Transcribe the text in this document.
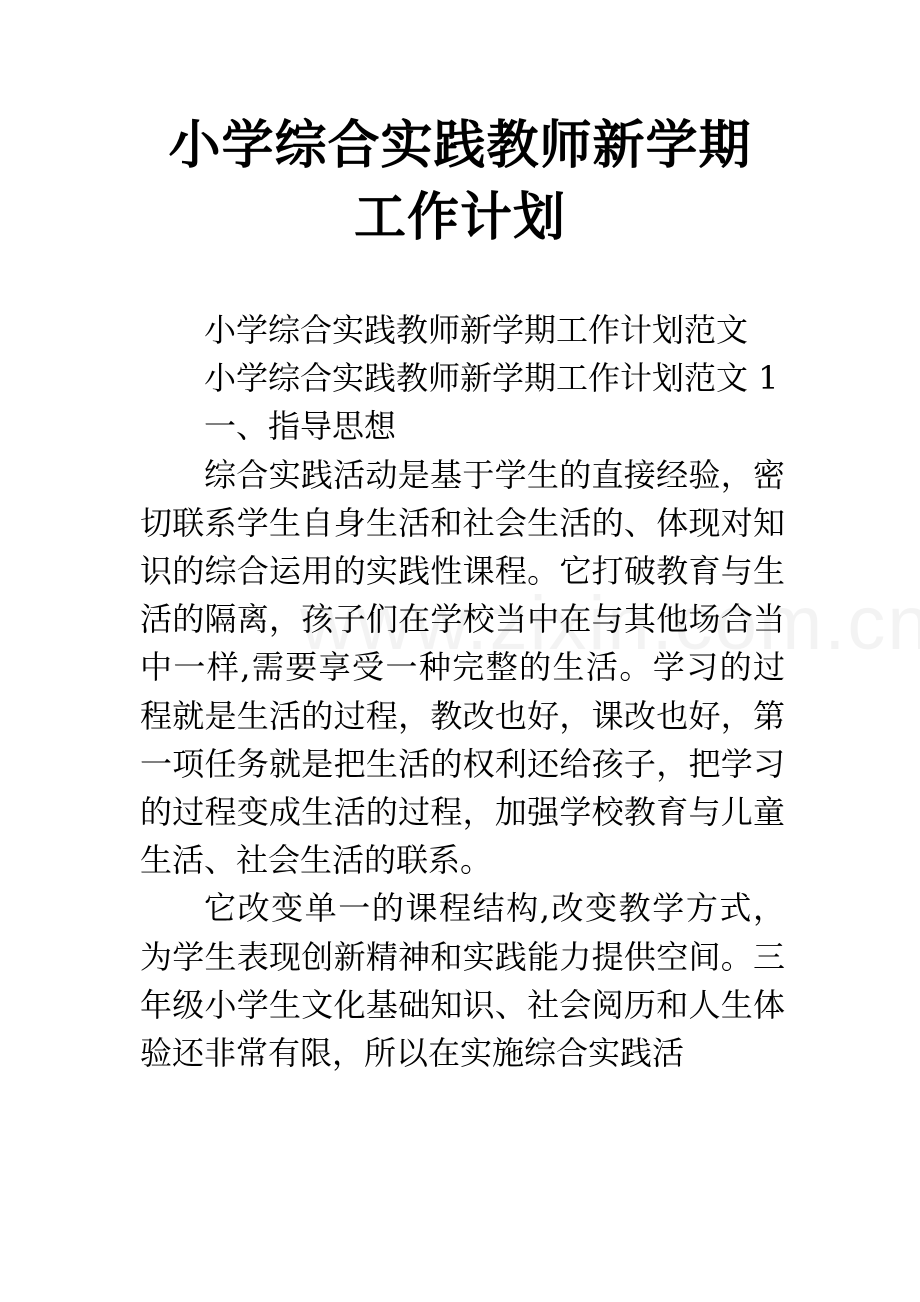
小学综合实践教师新学期
工作计划

小学综合实践教师新学期工作计划范文

小学综合实践教师新学期工作计划范文 1

一、指导思想

综合实践活动是基于学生的直接经验，密切联系学生自身生活和社会生活的、体现对知识的综合运用的实践性课程。它打破教育与生活的隔离，孩子们在学校当中在与其他场合当中一样,需要享受一种完整的生活。学习的过程就是生活的过程，教改也好，课改也好，第一项任务就是把生活的权利还给孩子，把学习的过程变成生活的过程，加强学校教育与儿童生活、社会生活的联系。

它改变单一的课程结构,改变教学方式，为学生表现创新精神和实践能力提供空间。三年级小学生文化基础知识、社会阅历和人生体验还非常有限，所以在实施综合实践活
